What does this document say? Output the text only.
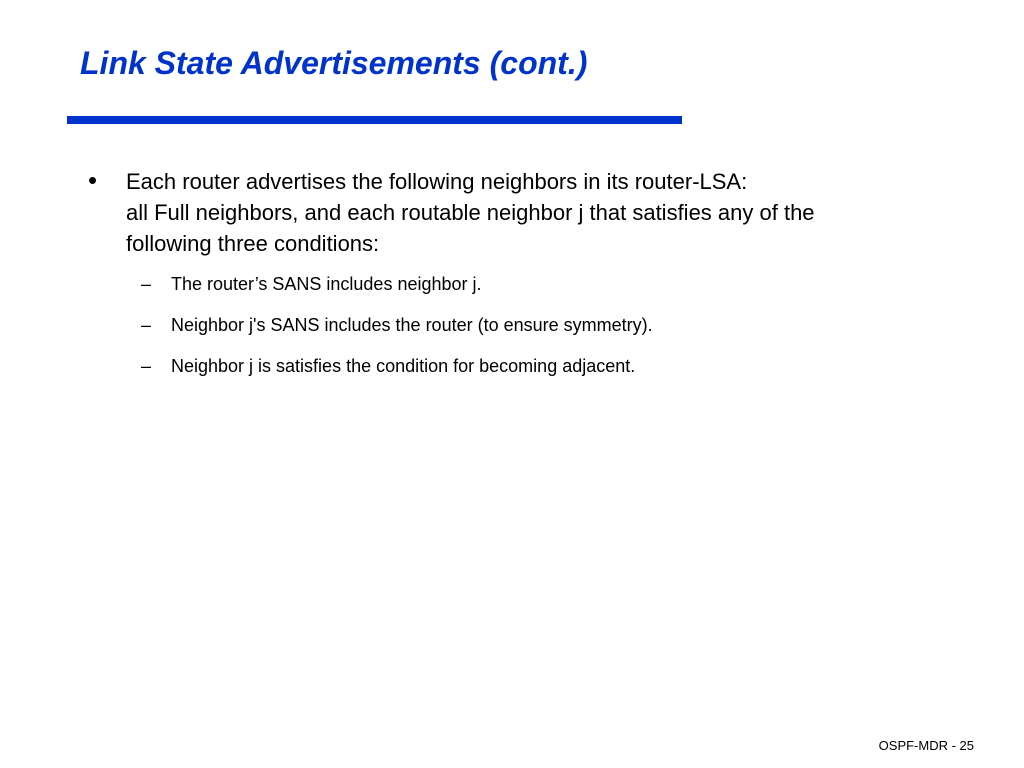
Link State Advertisements (cont.)
• Each router advertises the following neighbors in its router-LSA:
all Full neighbors, and each routable neighbor j that satisfies any of the
following three conditions:
– The router’s SANS includes neighbor j.
– Neighbor j's SANS includes the router (to ensure symmetry).
– Neighbor j is satisfies the condition for becoming adjacent.
OSPF-MDR - 25
